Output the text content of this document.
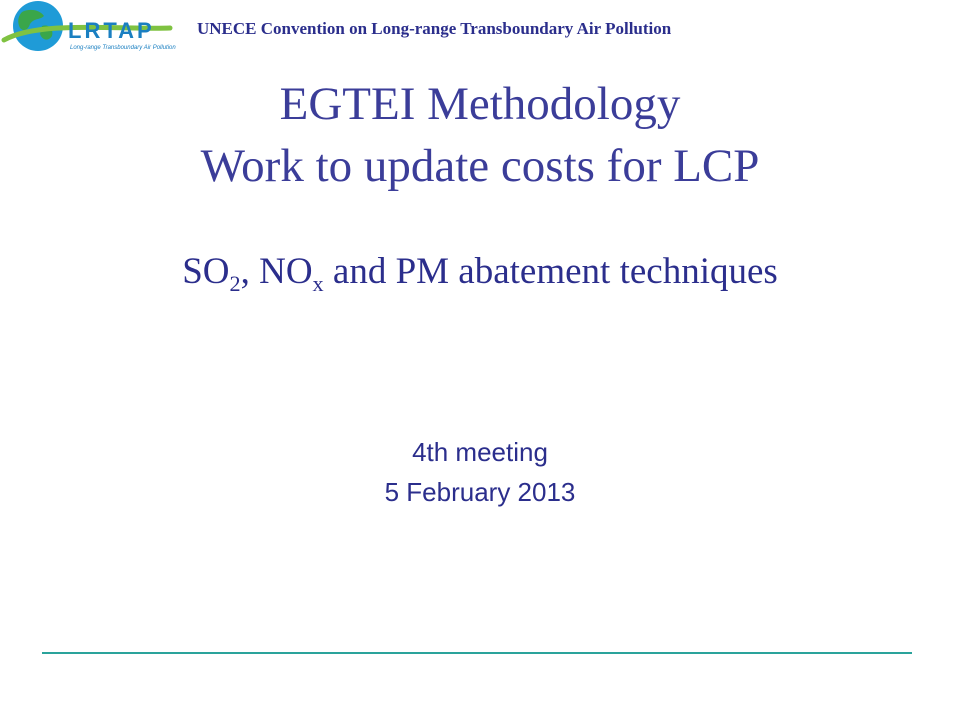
LRTAP
Long-range Transboundary Air Pollution
UNECE Convention on Long-range Transboundary Air Pollution
EGTEI Methodology
Work to update costs for LCP
$SO_2$, $NO_x$ and PM abatement techniques
4th meeting
5 February 2013
